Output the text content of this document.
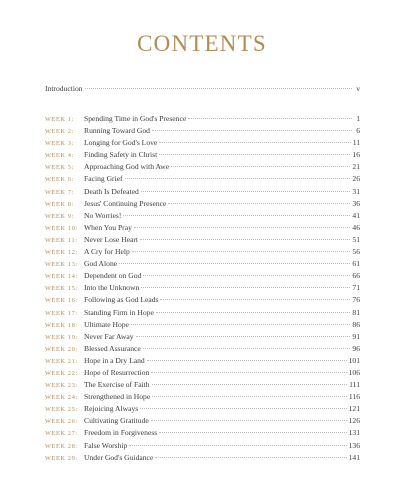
CONTENTS
Introduction	v
WEEK 1:	Spending Time in God's Presence	1
WEEK 2:	Running Toward God	6
WEEK 3:	Longing for God's Love	11
WEEK 4:	Finding Safety in Christ	16
WEEK 5:	Approaching God with Awe	21
WEEK 6:	Facing Grief	26
WEEK 7:	Death Is Defeated	31
WEEK 8:	Jesus' Continuing Presence	36
WEEK 9:	No Worries!	41
WEEK 10: When You Pray	46
WEEK 11: Never Lose Heart	51
WEEK 12: A Cry for Help	56
WEEK 13: God Alone	61
WEEK 14: Dependent on God	66
WEEK 15: Into the Unknown	71
WEEK 16: Following as God Leads	76
WEEK 17: Standing Firm in Hope	81
WEEK 18: Ultimate Hope	86
WEEK 19: Never Far Away	91
WEEK 20: Blessed Assurance	96
WEEK 21: Hope in a Dry Land	101
WEEK 22: Hope of Resurrection	106
WEEK 23: The Exercise of Faith	111
WEEK 24: Strengthened in Hope	116
WEEK 25: Rejoicing Always	121
WEEK 26: Cultivating Gratitude	126
WEEK 27: Freedom in Forgiveness	131
WEEK 28: False Worship	136
WEEK 29: Under God's Guidance	141
